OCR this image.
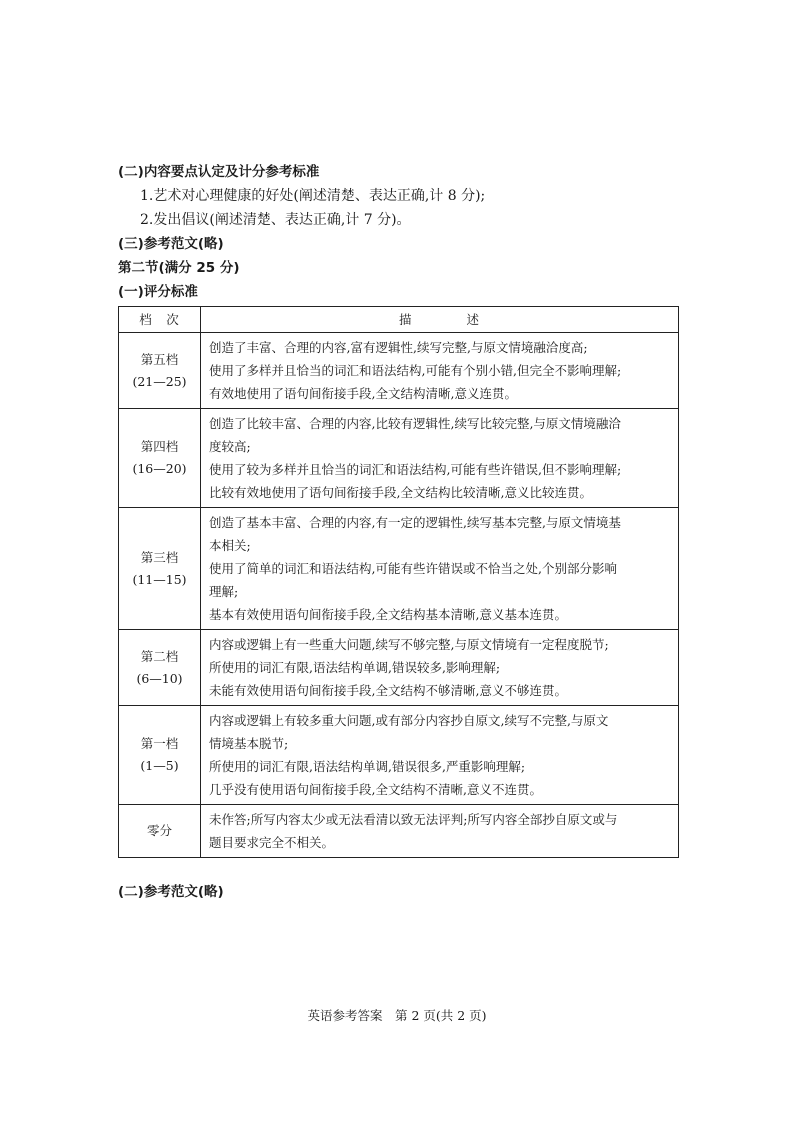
(二)内容要点认定及计分参考标准
1.艺术对心理健康的好处(阐述清楚、表达正确,计 8 分);
2.发出倡议(阐述清楚、表达正确,计 7 分)。
(三)参考范文(略)
第二节(满分 25 分)
(一)评分标准
档　次	描　　　　述

第五档
(21—25)	创造了丰富、合理的内容,富有逻辑性,续写完整,与原文情境融洽度高;
使用了多样并且恰当的词汇和语法结构,可能有个别小错,但完全不影响理解;
有效地使用了语句间衔接手段,全文结构清晰,意义连贯。

第四档
(16—20)	创造了比较丰富、合理的内容,比较有逻辑性,续写比较完整,与原文情境融洽
度较高;
使用了较为多样并且恰当的词汇和语法结构,可能有些许错误,但不影响理解;
比较有效地使用了语句间衔接手段,全文结构比较清晰,意义比较连贯。

第三档
(11—15)	创造了基本丰富、合理的内容,有一定的逻辑性,续写基本完整,与原文情境基
本相关;
使用了简单的词汇和语法结构,可能有些许错误或不恰当之处,个别部分影响
理解;
基本有效使用语句间衔接手段,全文结构基本清晰,意义基本连贯。

第二档
(6—10)	内容或逻辑上有一些重大问题,续写不够完整,与原文情境有一定程度脱节;
所使用的词汇有限,语法结构单调,错误较多,影响理解;
未能有效使用语句间衔接手段,全文结构不够清晰,意义不够连贯。

第一档
(1—5)	内容或逻辑上有较多重大问题,或有部分内容抄自原文,续写不完整,与原文
情境基本脱节;
所使用的词汇有限,语法结构单调,错误很多,严重影响理解;
几乎没有使用语句间衔接手段,全文结构不清晰,意义不连贯。

零分	未作答;所写内容太少或无法看清以致无法评判;所写内容全部抄自原文或与
题目要求完全不相关。
(二)参考范文(略)
英语参考答案　第 2 页(共 2 页)
